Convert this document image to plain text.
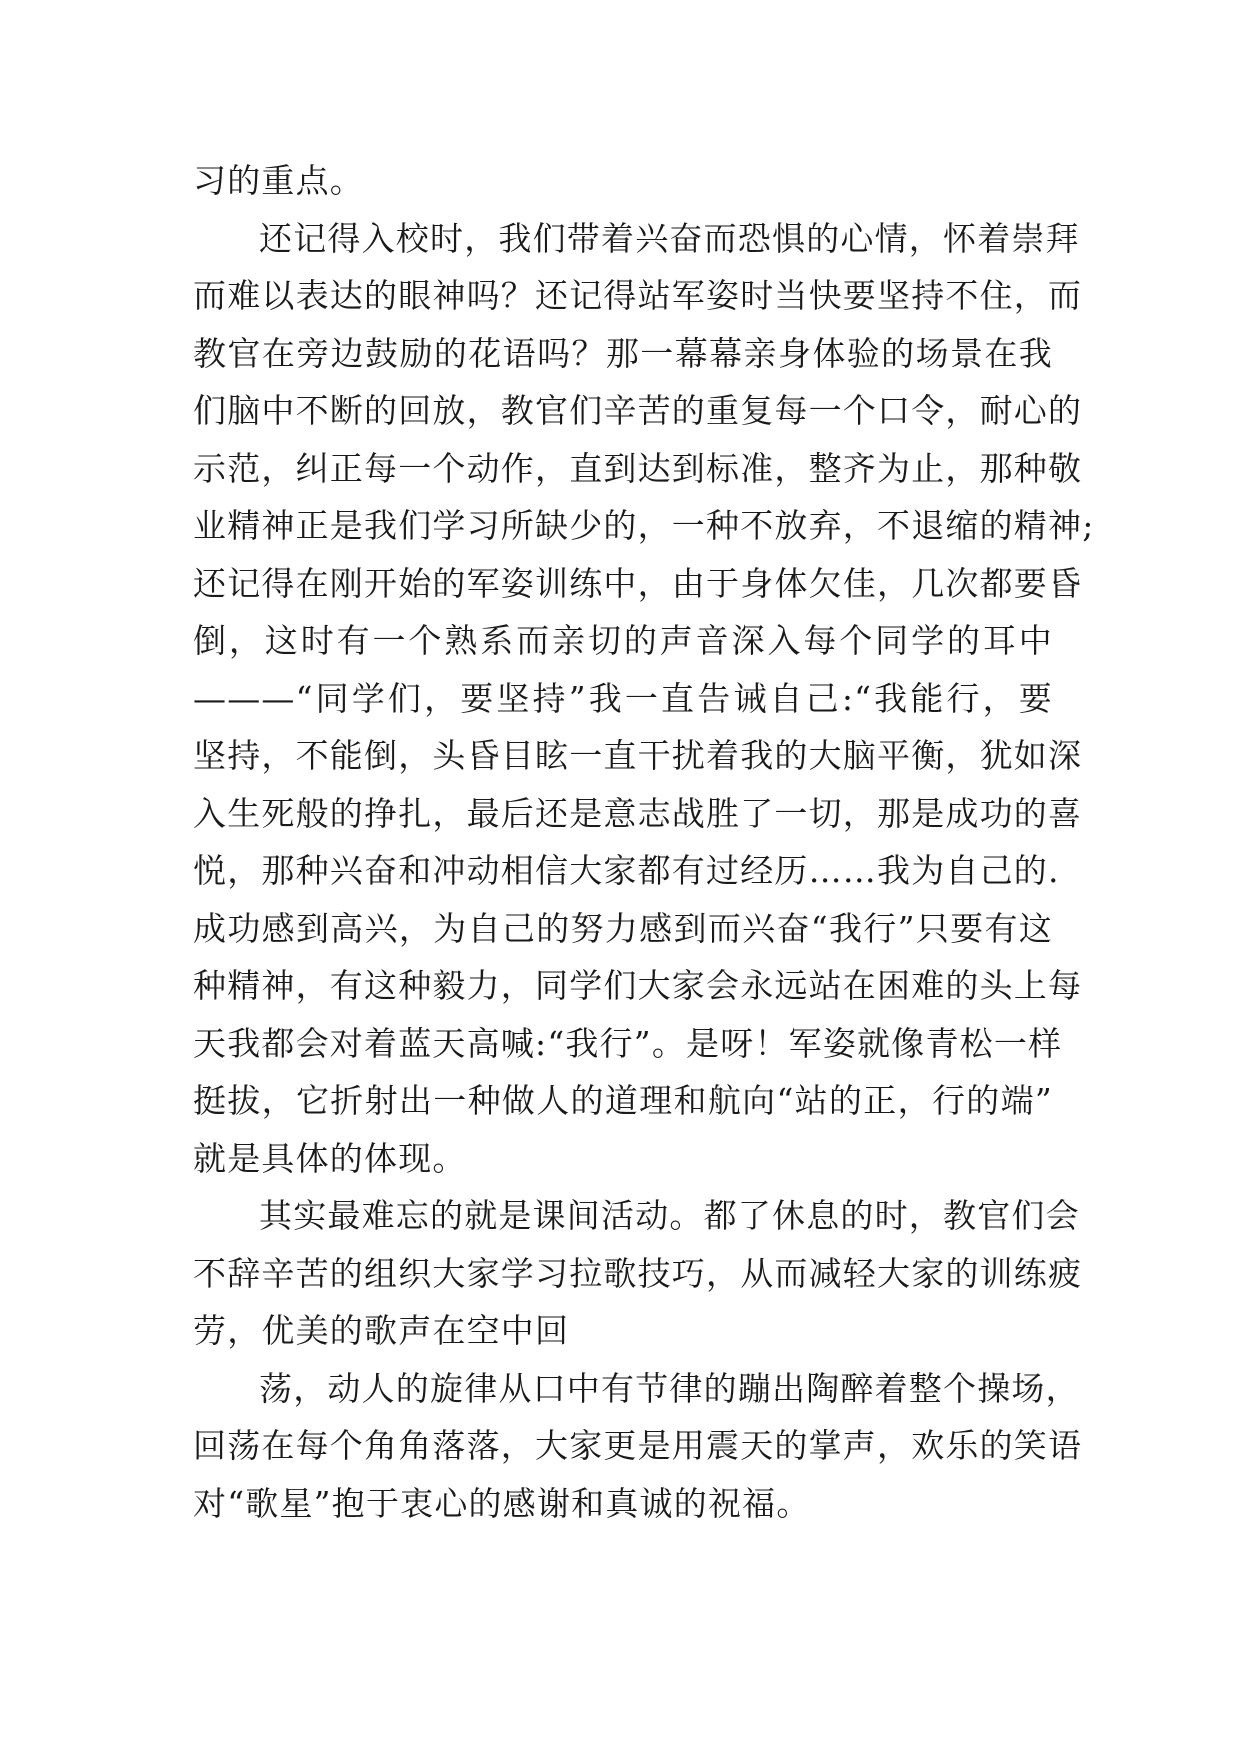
习的重点。
还记得入校时，我们带着兴奋而恐惧的心情，怀着崇拜
而难以表达的眼神吗？还记得站军姿时当快要坚持不住，而
教官在旁边鼓励的花语吗？那一幕幕亲身体验的场景在我
们脑中不断的回放，教官们辛苦的重复每一个口令，耐心的
示范，纠正每一个动作，直到达到标准，整齐为止，那种敬
业精神正是我们学习所缺少的，一种不放弃，不退缩的精神;
还记得在刚开始的军姿训练中，由于身体欠佳，几次都要昏
倒，这时有一个熟系而亲切的声音深入每个同学的耳中
———“同学们，要坚持”我一直告诫自己:“我能行，要
坚持，不能倒，头昏目眩一直干扰着我的大脑平衡，犹如深
入生死般的挣扎，最后还是意志战胜了一切，那是成功的喜
悦，那种兴奋和冲动相信大家都有过经历……我为自己的.
成功感到高兴，为自己的努力感到而兴奋“我行”只要有这
种精神，有这种毅力，同学们大家会永远站在困难的头上每
天我都会对着蓝天高喊:“我行”。是呀！军姿就像青松一样
挺拔，它折射出一种做人的道理和航向“站的正，行的端”
就是具体的体现。
其实最难忘的就是课间活动。都了休息的时，教官们会
不辞辛苦的组织大家学习拉歌技巧，从而减轻大家的训练疲
劳，优美的歌声在空中回
荡，动人的旋律从口中有节律的蹦出陶醉着整个操场，
回荡在每个角角落落，大家更是用震天的掌声，欢乐的笑语
对“歌星”抱于衷心的感谢和真诚的祝福。
